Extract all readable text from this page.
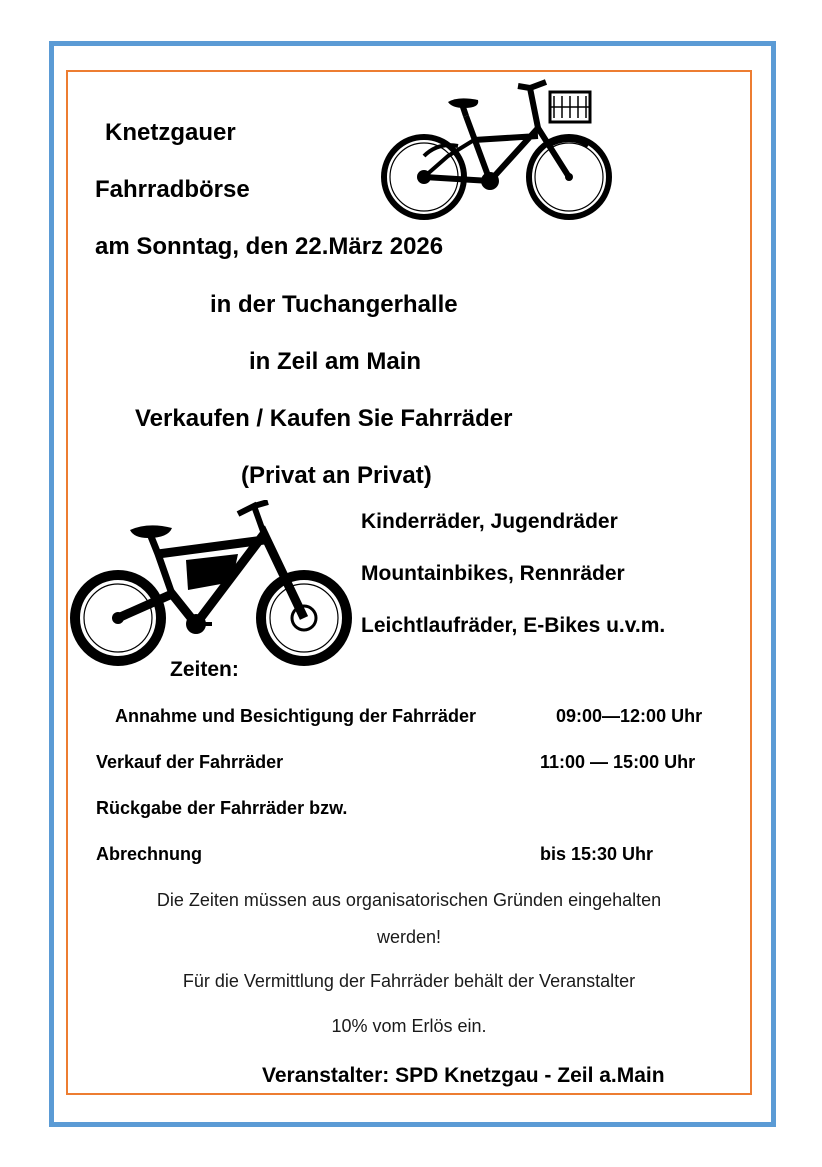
Knetzgauer
Fahrradbörse
am Sonntag, den 22.März 2026
in der Tuchangerhalle
in Zeil am Main
Verkaufen / Kaufen Sie Fahrräder
(Privat an Privat)
Kinderräder, Jugendräder
Mountainbikes, Rennräder
Leichtlaufräder, E-Bikes u.v.m.
Zeiten:
Annahme und Besichtigung der Fahrräder	09:00—12:00 Uhr
Verkauf der Fahrräder	11:00 — 15:00 Uhr
Rückgabe der Fahrräder bzw.
Abrechnung	bis 15:30 Uhr
Die Zeiten müssen aus organisatorischen Gründen eingehalten
werden!
Für die Vermittlung der Fahrräder behält der Veranstalter
10% vom Erlös ein.
Veranstalter: SPD Knetzgau - Zeil a.Main
